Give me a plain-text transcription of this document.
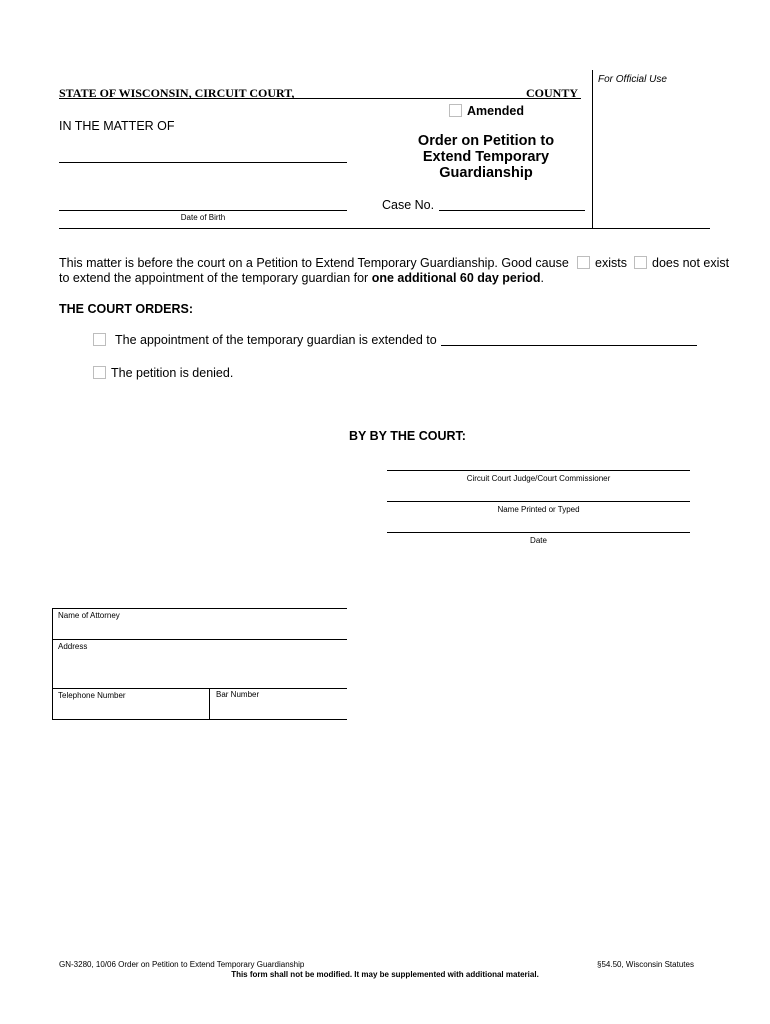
For Official Use
STATE OF WISCONSIN, CIRCUIT COURT,	COUNTY
Amended
IN THE MATTER OF
Order on Petition to
Extend Temporary
Guardianship
Case No.
Date of Birth
This matter is before the court on a Petition to Extend Temporary Guardianship. Good cause exists does not exist
to extend the appointment of the temporary guardian for one additional 60 day period.
THE COURT ORDERS:
The appointment of the temporary guardian is extended to
The petition is denied.
BY BY THE COURT:
Circuit Court Judge/Court Commissioner
Name Printed or Typed
Date
Name of Attorney
Address
Telephone Number	Bar Number
GN-3280, 10/06 Order on Petition to Extend Temporary Guardianship	§54.50, Wisconsin Statutes
This form shall not be modified. It may be supplemented with additional material.
